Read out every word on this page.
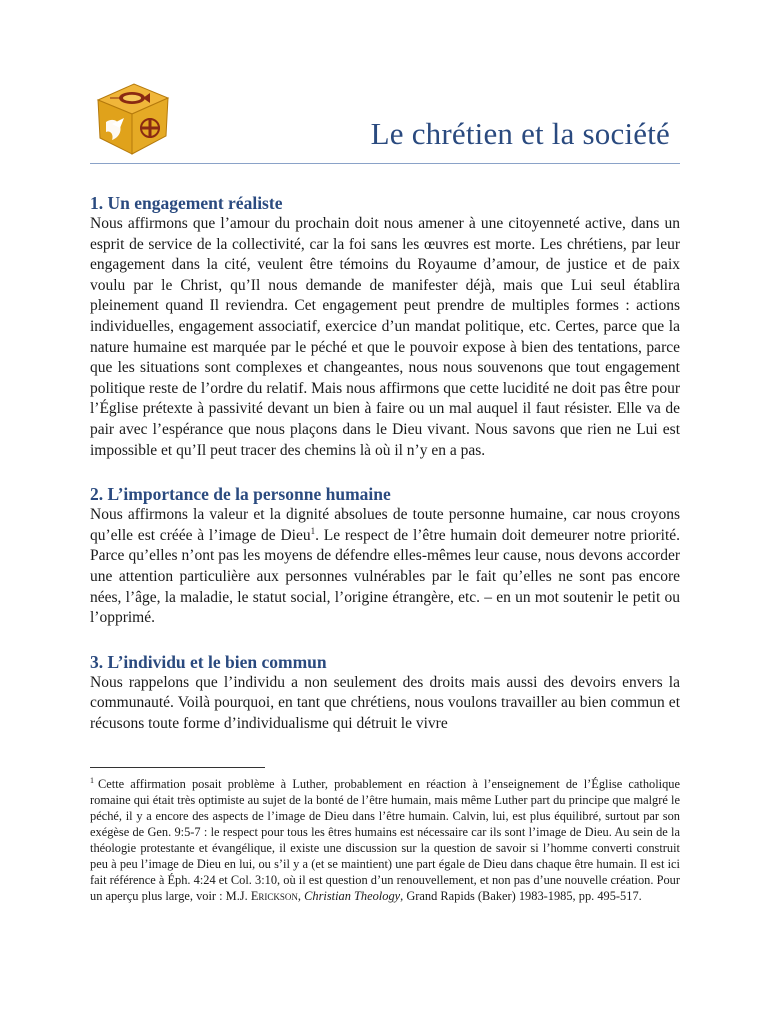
Le chrétien et la société
1. Un engagement réaliste

Nous affirmons que l’amour du prochain doit nous amener à une citoyenneté active, dans un esprit de service de la collectivité, car la foi sans les œuvres est morte. Les chrétiens, par leur engagement dans la cité, veulent être témoins du Royaume d’amour, de justice et de paix voulu par le Christ, qu’Il nous demande de manifester déjà, mais que Lui seul établira pleinement quand Il reviendra. Cet engagement peut prendre de multiples formes : actions individuelles, engagement associatif, exercice d’un mandat politique, etc. Certes, parce que la nature humaine est marquée par le péché et que le pouvoir expose à bien des tentations, parce que les situations sont complexes et changeantes, nous nous souvenons que tout engagement politique reste de l’ordre du relatif. Mais nous affirmons que cette lucidité ne doit pas être pour l’Église prétexte à passivité devant un bien à faire ou un mal auquel il faut résister. Elle va de pair avec l’espérance que nous plaçons dans le Dieu vivant. Nous savons que rien ne Lui est impossible et qu’Il peut tracer des chemins là où il n’y en a pas.

2. L’importance de la personne humaine

Nous affirmons la valeur et la dignité absolues de toute personne humaine, car nous croyons qu’elle est créée à l’image de Dieu$^1$. Le respect de l’être humain doit demeurer notre priorité. Parce qu’elles n’ont pas les moyens de défendre elles-mêmes leur cause, nous devons accorder une attention particulière aux personnes vulnérables par le fait qu’elles ne sont pas encore nées, l’âge, la maladie, le statut social, l’origine étrangère, etc. – en un mot soutenir le petit ou l’opprimé.

3. L’individu et le bien commun

Nous rappelons que l’individu a non seulement des droits mais aussi des devoirs envers la communauté. Voilà pourquoi, en tant que chrétiens, nous voulons travailler au bien commun et récusons toute forme d’individualisme qui détruit le vivre

$^1$ Cette affirmation posait problème à Luther, probablement en réaction à l’enseignement de l’Église catholique romaine qui était très optimiste au sujet de la bonté de l’être humain, mais même Luther part du principe que malgré le péché, il y a encore des aspects de l’image de Dieu dans l’être humain. Calvin, lui, est plus équilibré, surtout par son exégèse de Gen. 9:5-7 : le respect pour tous les êtres humains est nécessaire car ils sont l’image de Dieu. Au sein de la théologie protestante et évangélique, il existe une discussion sur la question de savoir si l’homme converti construit peu à peu l’image de Dieu en lui, ou s’il y a (et se maintient) une part égale de Dieu dans chaque être humain. Il est ici fait référence à Éph. 4:24 et Col. 3:10, où il est question d’un renouvellement, et non pas d’une nouvelle création. Pour un aperçu plus large, voir : M.J. Erickson, Christian Theology, Grand Rapids (Baker) 1983-1985, pp. 495-517.
